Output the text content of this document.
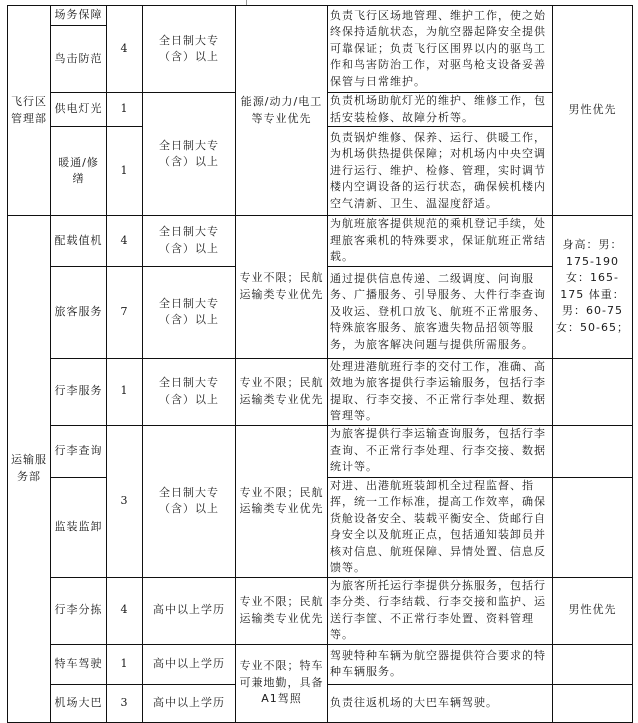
飞行区管理部	场务保障	4	全日制大专（含）以上	能源/动力/电工等专业优先	负责飞行区场地管理、维护工作，使之始终保持适航状态，为航空器起降安全提供可靠保证；负责飞行区围界以内的驱鸟工作和鸟害防治工作，对驱鸟枪支设备妥善保管与日常维护。	男性优先
	鸟击防范					
	供电灯光	1	全日制大专（含）以上		负责机场助航灯光的维护、维修工作，包括安装检修、故障分析等。	
	暖通/修缮	1			负责锅炉维修、保养、运行、供暖工作，为机场供热提供保障；对机场内中央空调进行运行、维护、检修、管理，实时调节楼内空调设备的运行状态，确保候机楼内空气清新、卫生、温湿度舒适。	
运输服务部	配载值机	4	全日制大专（含）以上	专业不限；民航运输类专业优先	为航班旅客提供规范的乘机登记手续，处理旅客乘机的特殊要求，保证航班正常结载。	身高：男：175-190 女：165-175 体重：男：60-75 女：50-65；
	旅客服务	7	全日制大专（含）以上		通过提供信息传递、二级调度、问询服务、广播服务、引导服务、大件行李查询及收运、登机口放飞、航班不正常服务、特殊旅客服务、旅客遗失物品招领等服务，为旅客解决问题与提供所需服务。	
	行李服务	1	全日制大专（含）以上	专业不限；民航运输类专业优先	处理进港航班行李的交付工作，准确、高效地为旅客提供行李运输服务，包括行李提取、行李交接、不正常行李处理、数据管理等。	
	行李查询	3	全日制大专（含）以上	专业不限；民航运输类专业优先	为旅客提供行李运输查询服务，包括行李查询、不正常行李处理、行李交接、数据统计等。	
	监装监卸				对进、出港航班装卸机全过程监督、指挥，统一工作标准，提高工作效率，确保货舱设备安全、装载平衡安全、货邮行自身安全以及航班正点，包括通知装卸员并核对信息、航班保障、异情处置、信息反馈等。	
	行李分拣	4	高中以上学历	专业不限；民航运输类专业优先	为旅客所托运行李提供分拣服务，包括行李分类、行李结载、行李交接和监护、运送行李筐、不正常行李处置、资料管理等。	男性优先
	特车驾驶	1	高中以上学历	专业不限；特车可兼地勤，具备A1驾照	驾驶特种车辆为航空器提供符合要求的特种车辆服务。	
	机场大巴	3	高中以上学历		负责往返机场的大巴车辆驾驶。	
